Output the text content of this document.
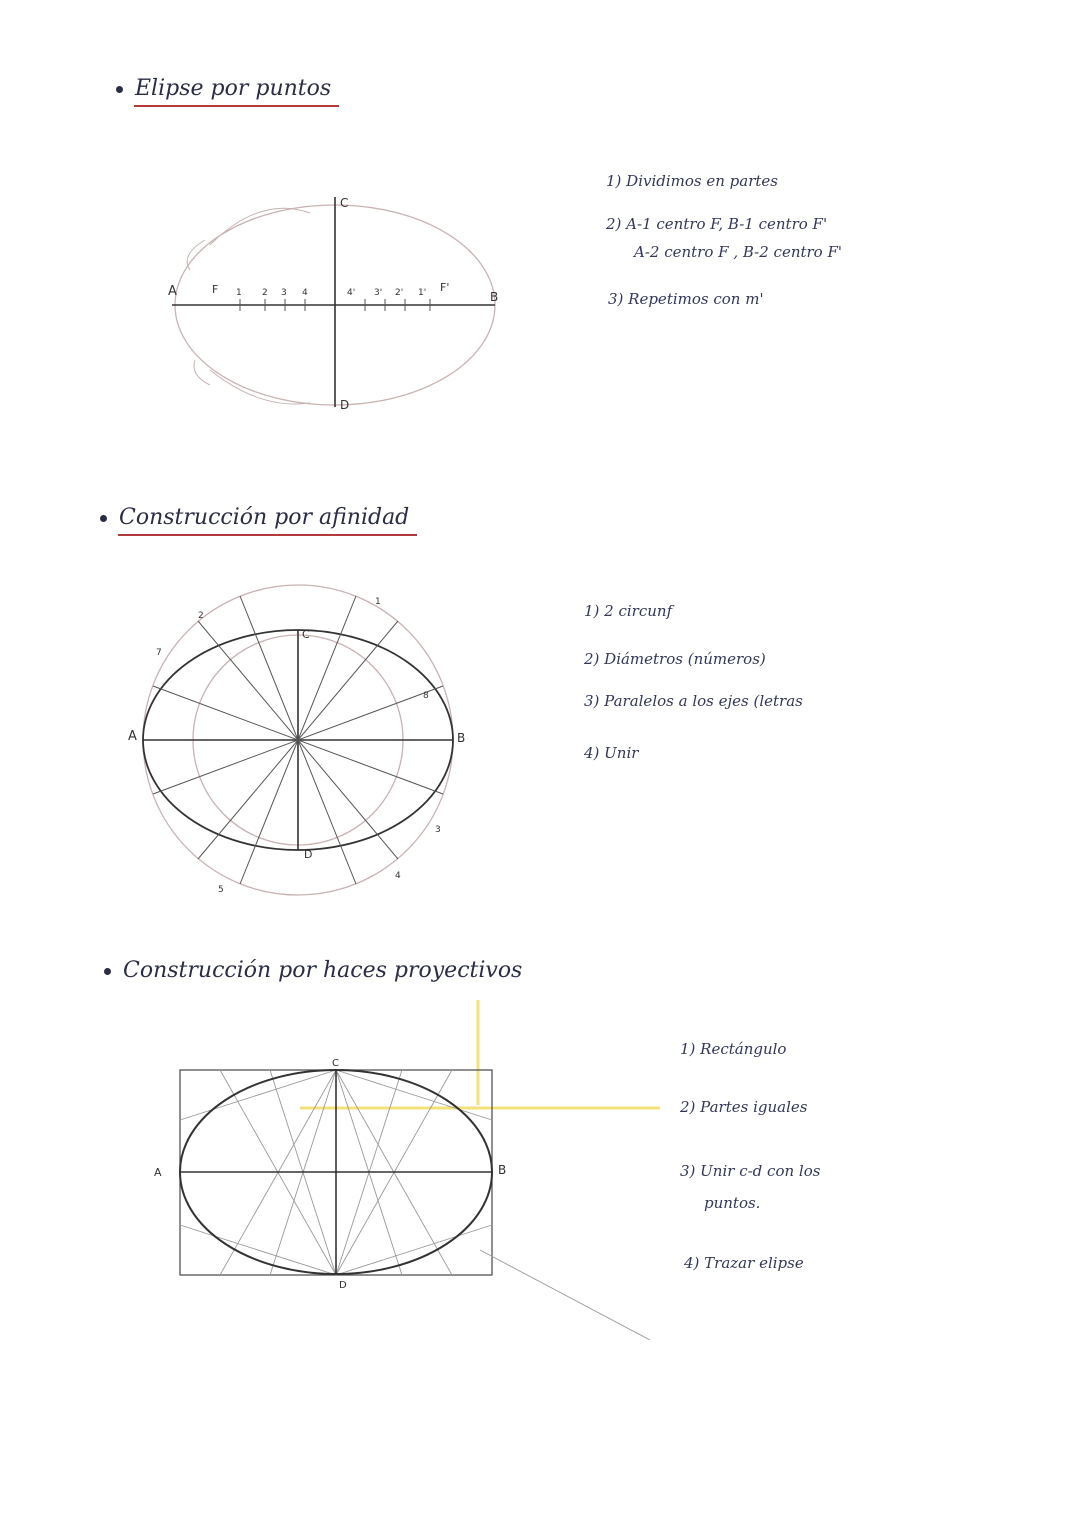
Elipse por puntos
A	F 1 2 3 4	4' 3' 2' 1' F'
B
C
D
1) Dividimos en partes
2) A-1 centro F, B-1 centro F'
A-2 centro F , B-2 centro F'
3) Repetimos con m'
Construcción por afinidad
A	B
C
D
1
2
3
4
5
7
8
1) 2 circunf
2) Diámetros (números)
3) Paralelos a los ejes (letras
4) Unir
Construcción por haces proyectivos
A	B
C
D
1) Rectángulo
2) Partes iguales
3) Unir c-d con los
puntos.
4) Trazar elipse
